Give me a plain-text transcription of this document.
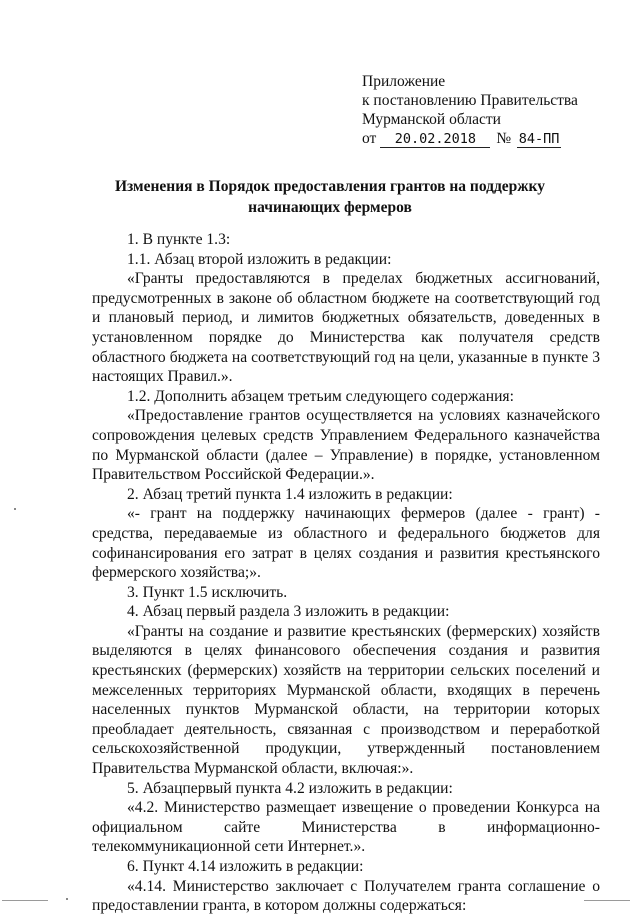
Приложение
к постановлению Правительства
Мурманской области
от 20.02.2018 № 84-ПП
Изменения в Порядок предоставления грантов на поддержку
начинающих фермеров

1. В пункте 1.3:

1.1. Абзац второй изложить в редакции:

«Гранты предоставляются в пределах бюджетных ассигнований, предусмотренных в законе об областном бюджете на соответствующий год и плановый период, и лимитов бюджетных обязательств, доведенных в установленном порядке до Министерства как получателя средств областного бюджета на соответствующий год на цели, указанные в пункте 3 настоящих Правил.».

1.2. Дополнить абзацем третьим следующего содержания:

«Предоставление грантов осуществляется на условиях казначейского сопровождения целевых средств Управлением Федерального казначейства по Мурманской области (далее – Управление) в порядке, установленном Правительством Российской Федерации.».

2. Абзац третий пункта 1.4 изложить в редакции:

«- грант на поддержку начинающих фермеров (далее - грант) - средства, передаваемые из областного и федерального бюджетов для софинансирования его затрат в целях создания и развития крестьянского фермерского хозяйства;».

3. Пункт 1.5 исключить.

4. Абзац первый раздела 3 изложить в редакции:

«Гранты на создание и развитие крестьянских (фермерских) хозяйств выделяются в целях финансового обеспечения создания и развития крестьянских (фермерских) хозяйств на территории сельских поселений и межселенных территориях Мурманской области, входящих в перечень населенных пунктов Мурманской области, на территории которых преобладает деятельность, связанная с производством и переработкой сельскохозяйственной продукции, утвержденный постановлением Правительства Мурманской области, включая:».

5. Абзацпервый пункта 4.2 изложить в редакции:

«4.2. Министерство размещает извещение о проведении Конкурса на официальном сайте Министерства в информационно-телекоммуникационной сети Интернет.».

6. Пункт 4.14 изложить в редакции:

«4.14. Министерство заключает с Получателем гранта соглашение о предоставлении гранта, в котором должны содержаться:
